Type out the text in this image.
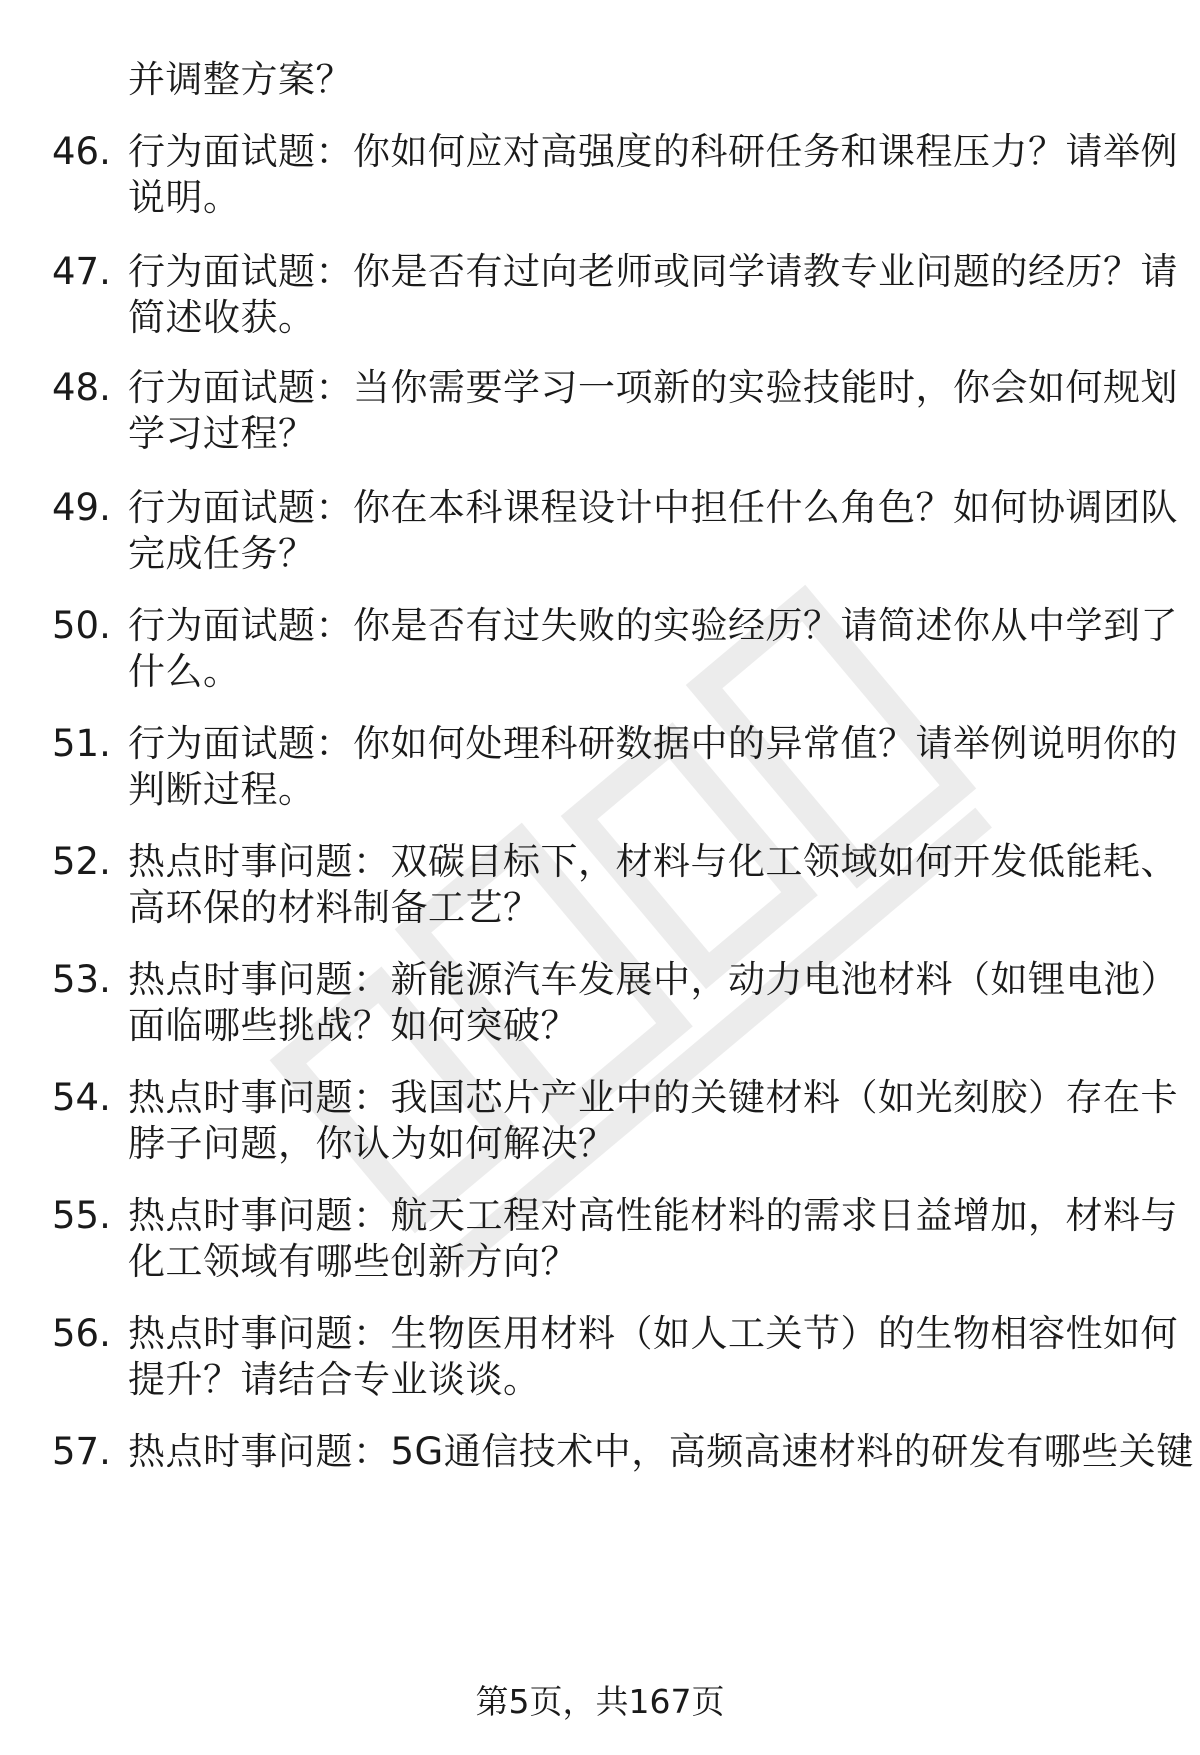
并调整方案？
46. 行为面试题：你如何应对高强度的科研任务和课程压力？请举例
说明。
47. 行为面试题：你是否有过向老师或同学请教专业问题的经历？请
简述收获。
48. 行为面试题：当你需要学习一项新的实验技能时，你会如何规划
学习过程？
49. 行为面试题：你在本科课程设计中担任什么角色？如何协调团队
完成任务？
50. 行为面试题：你是否有过失败的实验经历？请简述你从中学到了
什么。
51. 行为面试题：你如何处理科研数据中的异常值？请举例说明你的
判断过程。
52. 热点时事问题：双碳目标下，材料与化工领域如何开发低能耗、
高环保的材料制备工艺？
53. 热点时事问题：新能源汽车发展中，动力电池材料（如锂电池）
面临哪些挑战？如何突破？
54. 热点时事问题：我国芯片产业中的关键材料（如光刻胶）存在卡
脖子问题，你认为如何解决？
55. 热点时事问题：航天工程对高性能材料的需求日益增加，材料与
化工领域有哪些创新方向？
56. 热点时事问题：生物医用材料（如人工关节）的生物相容性如何
提升？请结合专业谈谈。
57. 热点时事问题：5G通信技术中，高频高速材料的研发有哪些关键
第5页，共167页
